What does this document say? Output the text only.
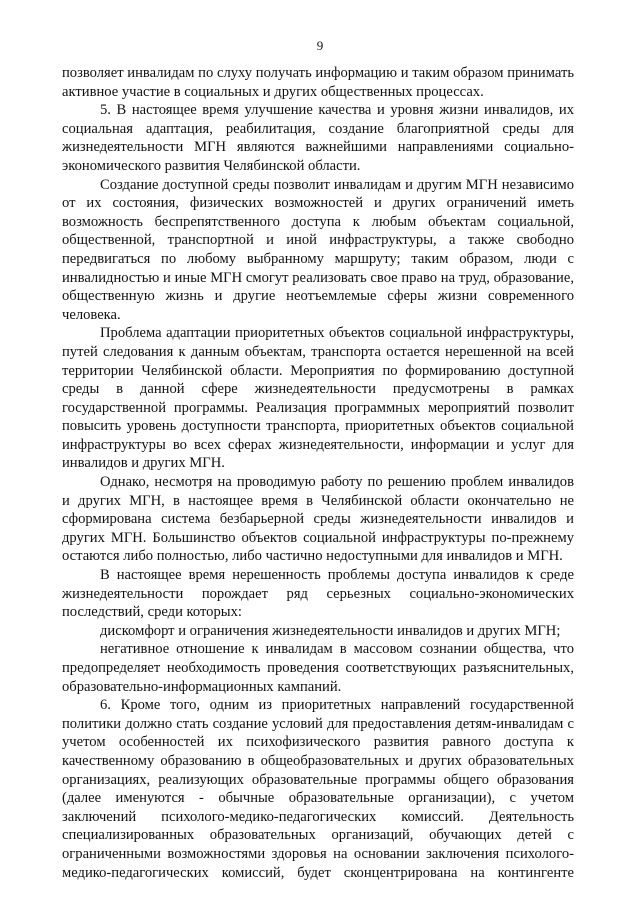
9

позволяет инвалидам по слуху получать информацию и таким образом принимать активное участие в социальных и других общественных процессах.

5. В настоящее время улучшение качества и уровня жизни инвалидов, их социальная адаптация, реабилитация, создание благоприятной среды для жизнедеятельности МГН являются важнейшими направлениями социально-экономического развития Челябинской области.

Создание доступной среды позволит инвалидам и другим МГН независимо от их состояния, физических возможностей и других ограничений иметь возможность беспрепятственного доступа к любым объектам социальной, общественной, транспортной и иной инфраструктуры, а также свободно передвигаться по любому выбранному маршруту; таким образом, люди с инвалидностью и иные МГН смогут реализовать свое право на труд, образование, общественную жизнь и другие неотъемлемые сферы жизни современного человека.

Проблема адаптации приоритетных объектов социальной инфраструктуры, путей следования к данным объектам, транспорта остается нерешенной на всей территории Челябинской области. Мероприятия по формированию доступной среды в данной сфере жизнедеятельности предусмотрены в рамках государственной программы. Реализация программных мероприятий позволит повысить уровень доступности транспорта, приоритетных объектов социальной инфраструктуры во всех сферах жизнедеятельности, информации и услуг для инвалидов и других МГН.

Однако, несмотря на проводимую работу по решению проблем инвалидов и других МГН, в настоящее время в Челябинской области окончательно не сформирована система безбарьерной среды жизнедеятельности инвалидов и других МГН. Большинство объектов социальной инфраструктуры по-прежнему остаются либо полностью, либо частично недоступными для инвалидов и МГН.

В настоящее время нерешенность проблемы доступа инвалидов к среде жизнедеятельности порождает ряд серьезных социально-экономических последствий, среди которых:

дискомфорт и ограничения жизнедеятельности инвалидов и других МГН;

негативное отношение к инвалидам в массовом сознании общества, что предопределяет необходимость проведения соответствующих разъяснительных, образовательно-информационных кампаний.

6. Кроме того, одним из приоритетных направлений государственной политики должно стать создание условий для предоставления детям-инвалидам с учетом особенностей их психофизического развития равного доступа к качественному образованию в общеобразовательных и других образовательных организациях, реализующих образовательные программы общего образования (далее именуются - обычные образовательные организации), с учетом заключений психолого-медико-педагогических комиссий. Деятельность специализированных образовательных организаций, обучающих детей с ограниченными возможностями здоровья на основании заключения психолого-медико-педагогических комиссий, будет сконцентрирована на контингенте
